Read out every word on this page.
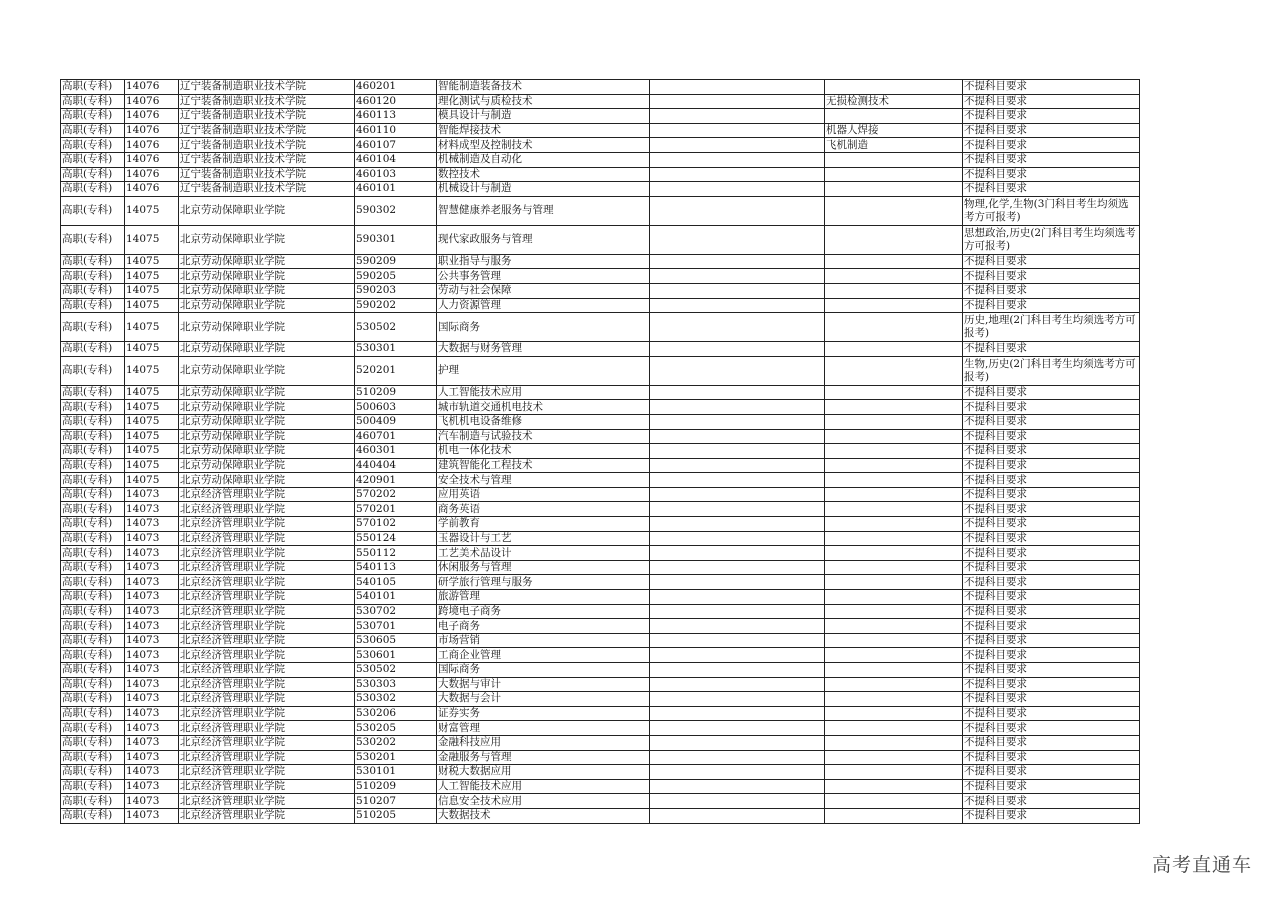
高职(专科)	14076	辽宁装备制造职业技术学院	460201	智能制造装备技术			不提科目要求
高职(专科)	14076	辽宁装备制造职业技术学院	460120	理化测试与质检技术		无损检测技术	不提科目要求
高职(专科)	14076	辽宁装备制造职业技术学院	460113	模具设计与制造			不提科目要求
高职(专科)	14076	辽宁装备制造职业技术学院	460110	智能焊接技术		机器人焊接	不提科目要求
高职(专科)	14076	辽宁装备制造职业技术学院	460107	材料成型及控制技术		飞机制造	不提科目要求
高职(专科)	14076	辽宁装备制造职业技术学院	460104	机械制造及自动化			不提科目要求
高职(专科)	14076	辽宁装备制造职业技术学院	460103	数控技术			不提科目要求
高职(专科)	14076	辽宁装备制造职业技术学院	460101	机械设计与制造			不提科目要求
高职(专科)	14075	北京劳动保障职业学院	590302	智慧健康养老服务与管理			物理,化学,生物(3门科目考生均须选考方可报考)
高职(专科)	14075	北京劳动保障职业学院	590301	现代家政服务与管理			思想政治,历史(2门科目考生均须选考方可报考)
高职(专科)	14075	北京劳动保障职业学院	590209	职业指导与服务			不提科目要求
高职(专科)	14075	北京劳动保障职业学院	590205	公共事务管理			不提科目要求
高职(专科)	14075	北京劳动保障职业学院	590203	劳动与社会保障			不提科目要求
高职(专科)	14075	北京劳动保障职业学院	590202	人力资源管理			不提科目要求
高职(专科)	14075	北京劳动保障职业学院	530502	国际商务			历史,地理(2门科目考生均须选考方可报考)
高职(专科)	14075	北京劳动保障职业学院	530301	大数据与财务管理			不提科目要求
高职(专科)	14075	北京劳动保障职业学院	520201	护理			生物,历史(2门科目考生均须选考方可报考)
高职(专科)	14075	北京劳动保障职业学院	510209	人工智能技术应用			不提科目要求
高职(专科)	14075	北京劳动保障职业学院	500603	城市轨道交通机电技术			不提科目要求
高职(专科)	14075	北京劳动保障职业学院	500409	飞机机电设备维修			不提科目要求
高职(专科)	14075	北京劳动保障职业学院	460701	汽车制造与试验技术			不提科目要求
高职(专科)	14075	北京劳动保障职业学院	460301	机电一体化技术			不提科目要求
高职(专科)	14075	北京劳动保障职业学院	440404	建筑智能化工程技术			不提科目要求
高职(专科)	14075	北京劳动保障职业学院	420901	安全技术与管理			不提科目要求
高职(专科)	14073	北京经济管理职业学院	570202	应用英语			不提科目要求
高职(专科)	14073	北京经济管理职业学院	570201	商务英语			不提科目要求
高职(专科)	14073	北京经济管理职业学院	570102	学前教育			不提科目要求
高职(专科)	14073	北京经济管理职业学院	550124	玉器设计与工艺			不提科目要求
高职(专科)	14073	北京经济管理职业学院	550112	工艺美术品设计			不提科目要求
高职(专科)	14073	北京经济管理职业学院	540113	休闲服务与管理			不提科目要求
高职(专科)	14073	北京经济管理职业学院	540105	研学旅行管理与服务			不提科目要求
高职(专科)	14073	北京经济管理职业学院	540101	旅游管理			不提科目要求
高职(专科)	14073	北京经济管理职业学院	530702	跨境电子商务			不提科目要求
高职(专科)	14073	北京经济管理职业学院	530701	电子商务			不提科目要求
高职(专科)	14073	北京经济管理职业学院	530605	市场营销			不提科目要求
高职(专科)	14073	北京经济管理职业学院	530601	工商企业管理			不提科目要求
高职(专科)	14073	北京经济管理职业学院	530502	国际商务			不提科目要求
高职(专科)	14073	北京经济管理职业学院	530303	大数据与审计			不提科目要求
高职(专科)	14073	北京经济管理职业学院	530302	大数据与会计			不提科目要求
高职(专科)	14073	北京经济管理职业学院	530206	证券实务			不提科目要求
高职(专科)	14073	北京经济管理职业学院	530205	财富管理			不提科目要求
高职(专科)	14073	北京经济管理职业学院	530202	金融科技应用			不提科目要求
高职(专科)	14073	北京经济管理职业学院	530201	金融服务与管理			不提科目要求
高职(专科)	14073	北京经济管理职业学院	530101	财税大数据应用			不提科目要求
高职(专科)	14073	北京经济管理职业学院	510209	人工智能技术应用			不提科目要求
高职(专科)	14073	北京经济管理职业学院	510207	信息安全技术应用			不提科目要求
高职(专科)	14073	北京经济管理职业学院	510205	大数据技术			不提科目要求
高考直通车
